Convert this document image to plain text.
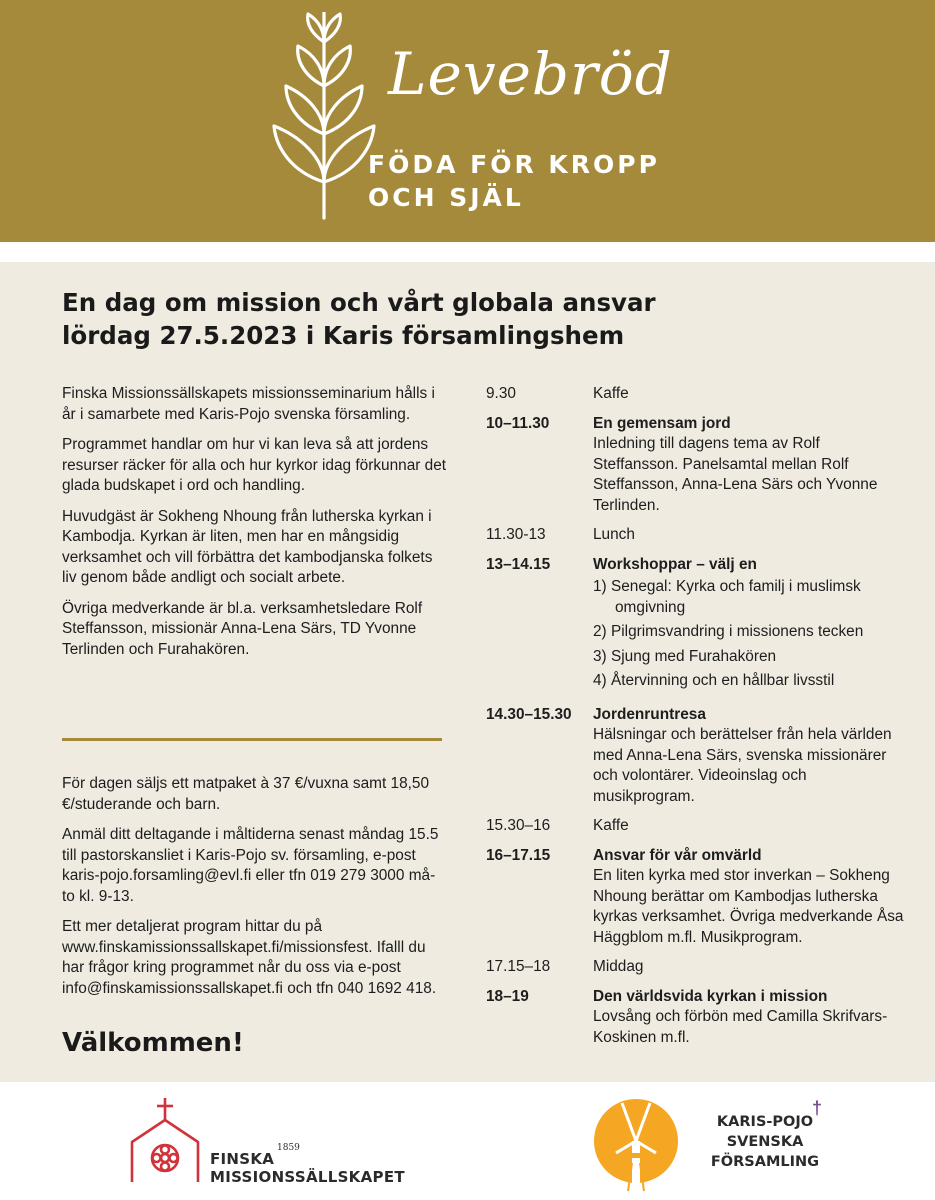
Levebröd
FÖDA FÖR KROPP
OCH SJÄL
En dag om mission och vårt globala ansvar
lördag 27.5.2023 i Karis församlingshem

Finska Missionssällskapets missionsseminarium hålls i år i samarbete med Karis-Pojo svenska församling.

Programmet handlar om hur vi kan leva så att jordens resurser räcker för alla och hur kyrkor idag förkunnar det glada budskapet i ord och handling.

Huvudgäst är Sokheng Nhoung från lutherska kyrkan i Kambodja. Kyrkan är liten, men har en mångsidig verksamhet och vill förbättra det kambodjanska folkets liv genom både andligt och socialt arbete.

Övriga medverkande är bl.a. verksamhetsledare Rolf Steffansson, missionär Anna-Lena Särs, TD Yvonne Terlinden och Furahakören.

För dagen säljs ett matpaket à 37 €/vuxna samt 18,50 €/studerande och barn.

Anmäl ditt deltagande i måltiderna senast måndag 15.5 till pastorskansliet i Karis-Pojo sv. församling, e-post karis-pojo.forsamling@evl.fi eller tfn 019 279 3000 må-to kl. 9-13.

Ett mer detaljerat program hittar du på www.finskamissionssallskapet.fi/missionsfest. Ifalll du har frågor kring programmet når du oss via e-post info@finskamissionssallskapet.fi och tfn 040 1692 418.

Välkommen!
9.30	Kaffe
10–11.30	En gemensam jord
Inledning till dagens tema av Rolf Steffansson. Panelsamtal mellan Rolf Steffansson, Anna-Lena Särs och Yvonne Terlinden.
11.30-13	Lunch
13–14.15	Workshoppar – välj en
1) Senegal: Kyrka och familj i muslimsk omgivning
2) Pilgrimsvandring i missionens tecken
3) Sjung med Furahakören
4) Återvinning och en hållbar livsstil
14.30–15.30	Jordenruntresa
Hälsningar och berättelser från hela världen med Anna-Lena Särs, svenska missionärer och volontärer. Videoinslag och musikprogram.
15.30–16	Kaffe
16–17.15	Ansvar för vår omvärld
En liten kyrka med stor inverkan – Sokheng Nhoung berättar om Kambodjas lutherska kyrkas verksamhet. Övriga medverkande Åsa Häggblom m.fl. Musikprogram.
17.15–18	Middag
18–19	Den världsvida kyrkan i mission
Lovsång och förbön med Camilla Skrifvars-Koskinen m.fl.
FINSKA
MISSIONSSÄLLSKAPET
1859
KARIS-POJO
SVENSKA
FÖRSAMLING
†
